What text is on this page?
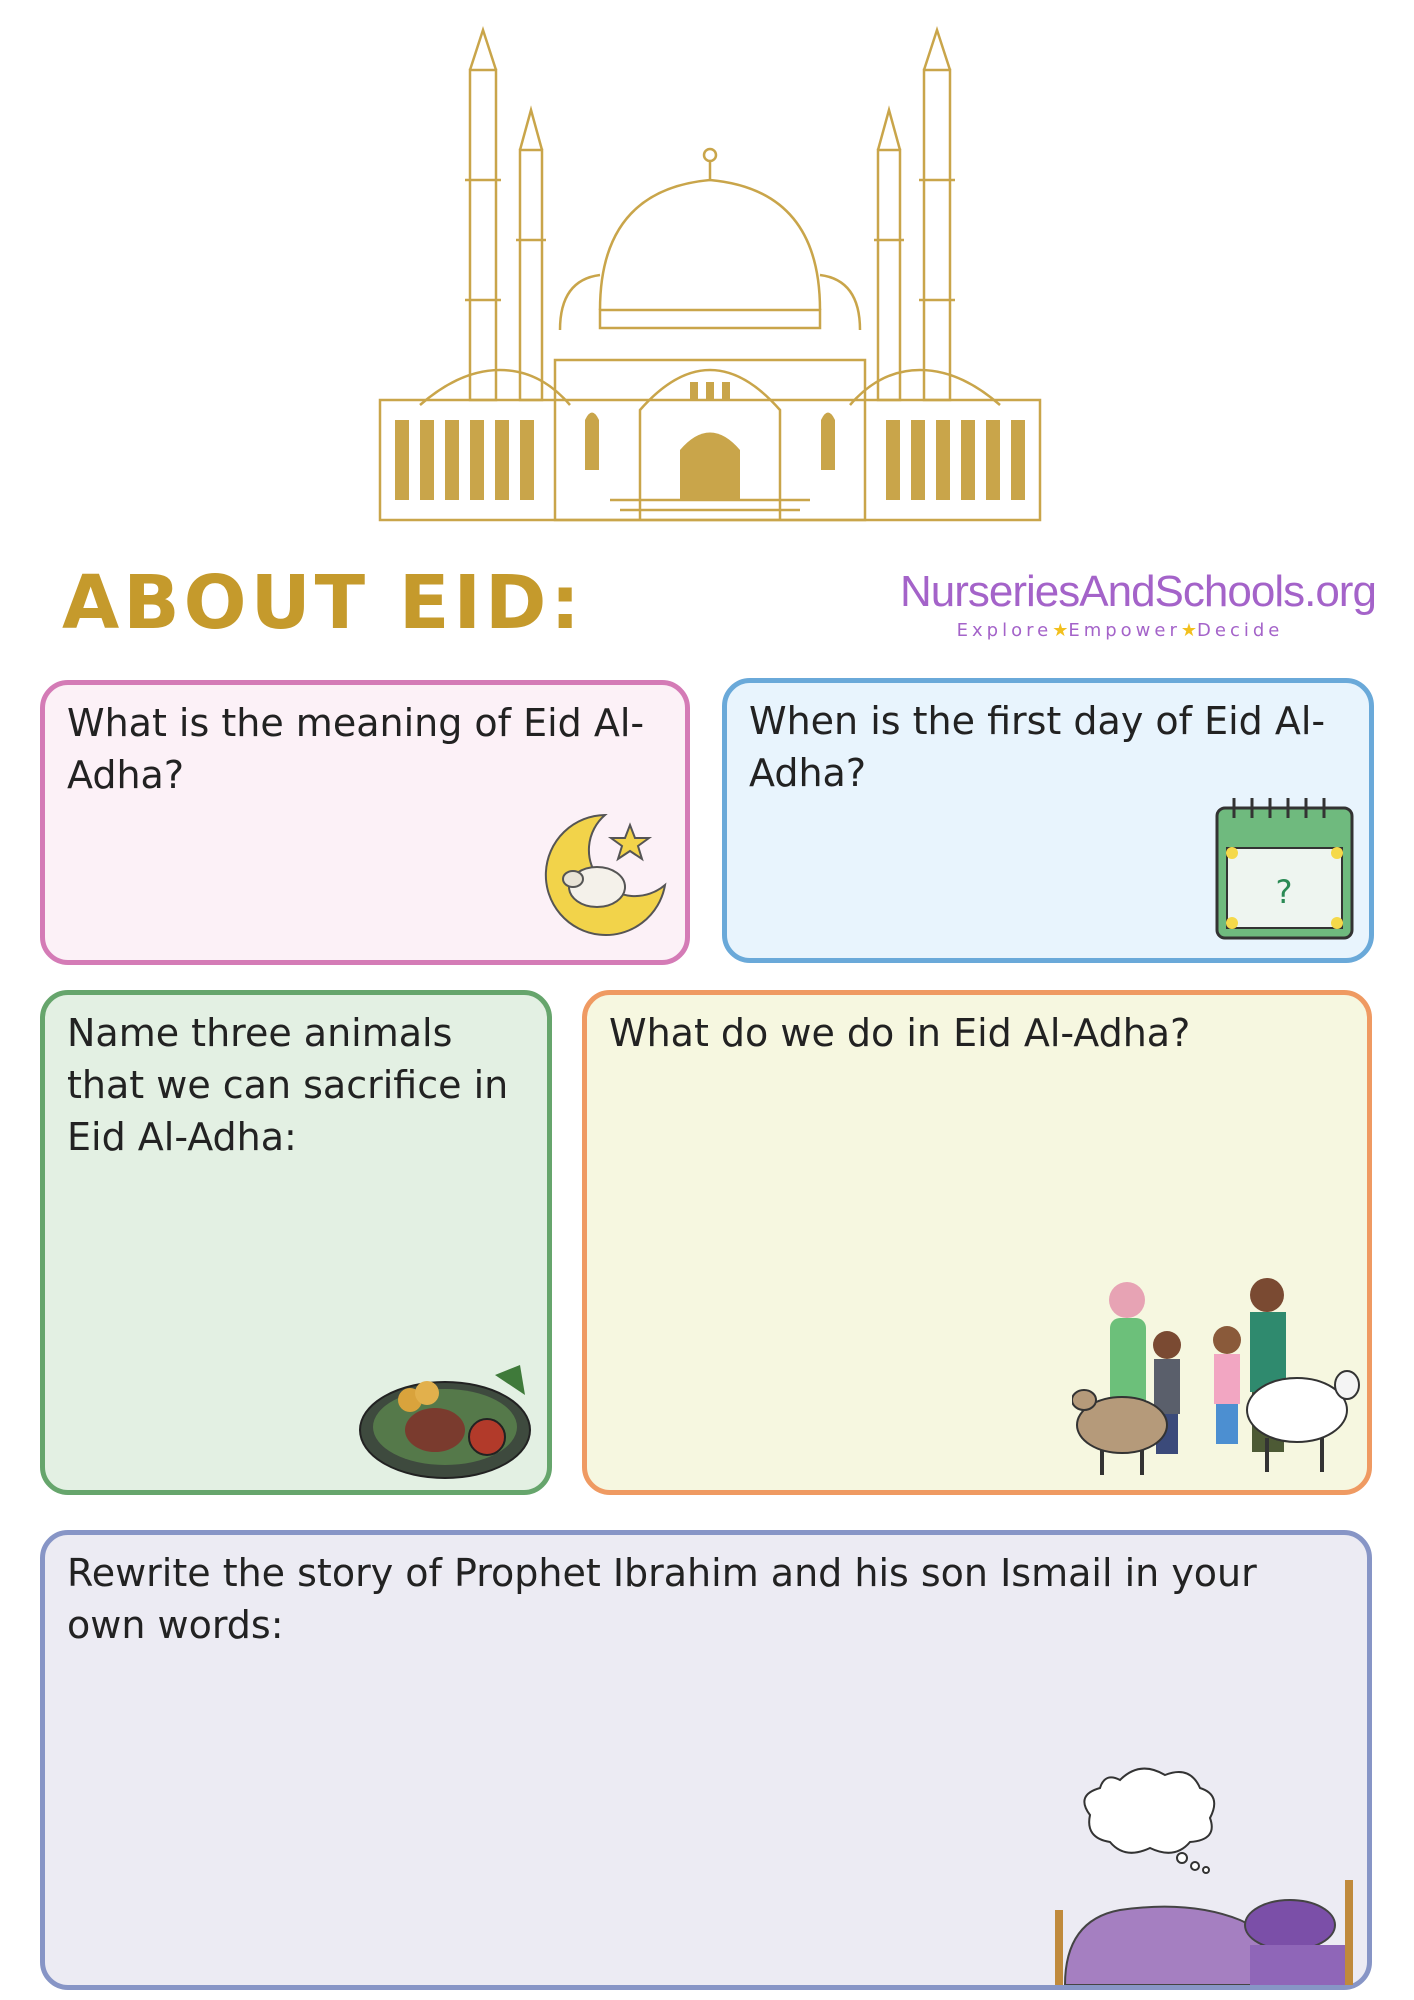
ABOUT EID:	NurseriesAndSchools.org
Explore★Empower★Decide
What is the meaning of Eid Al-Adha?
When is the first day of Eid Al-Adha?
?
Name three animals that we can sacrifice in Eid Al-Adha:
What do we do in Eid Al-Adha?
Rewrite the story of Prophet Ibrahim and his son Ismail in your own words:
